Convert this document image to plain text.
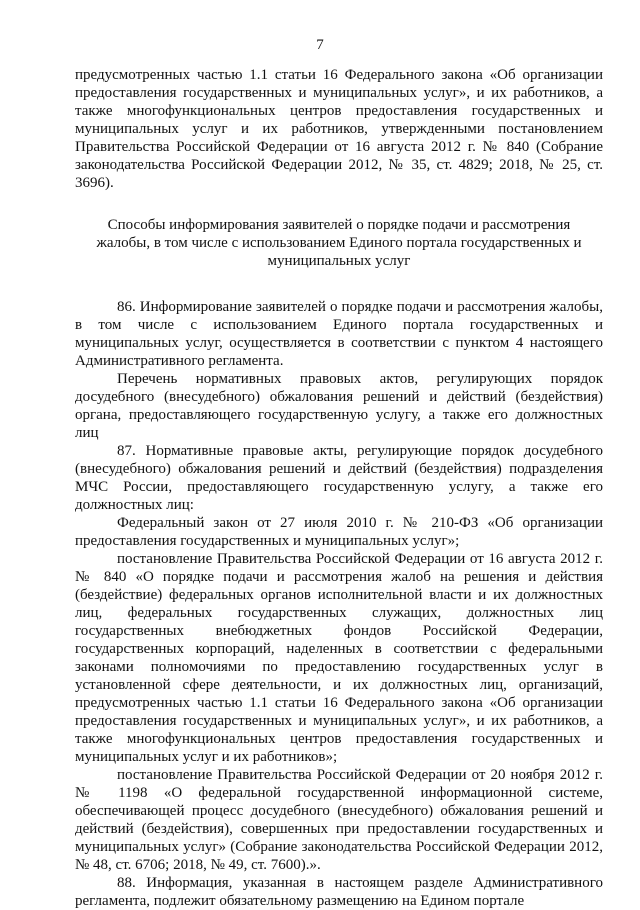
7

предусмотренных частью 1.1 статьи 16 Федерального закона «Об организации предоставления государственных и муниципальных услуг», и их работников, а также многофункциональных центров предоставления государственных и муниципальных услуг и их работников, утвержденными постановлением Правительства Российской Федерации от 16 августа 2012 г. № 840 (Собрание законодательства Российской Федерации 2012, № 35, ст. 4829; 2018, № 25, ст. 3696).

Способы информирования заявителей о порядке подачи и рассмотрения жалобы, в том числе с использованием Единого портала государственных и муниципальных услуг

86. Информирование заявителей о порядке подачи и рассмотрения жалобы, в том числе с использованием Единого портала государственных и муниципальных услуг, осуществляется в соответствии с пунктом 4 настоящего Административного регламента.

Перечень нормативных правовых актов, регулирующих порядок досудебного (внесудебного) обжалования решений и действий (бездействия) органа, предоставляющего государственную услугу, а также его должностных лиц

87. Нормативные правовые акты, регулирующие порядок досудебного (внесудебного) обжалования решений и действий (бездействия) подразделения МЧС России, предоставляющего государственную услугу, а также его должностных лиц:

Федеральный закон от 27 июля 2010 г. № 210-ФЗ «Об организации предоставления государственных и муниципальных услуг»;

постановление Правительства Российской Федерации от 16 августа 2012 г. № 840 «О порядке подачи и рассмотрения жалоб на решения и действия (бездействие) федеральных органов исполнительной власти и их должностных лиц, федеральных государственных служащих, должностных лиц государственных внебюджетных фондов Российской Федерации, государственных корпораций, наделенных в соответствии с федеральными законами полномочиями по предоставлению государственных услуг в установленной сфере деятельности, и их должностных лиц, организаций, предусмотренных частью 1.1 статьи 16 Федерального закона «Об организации предоставления государственных и муниципальных услуг», и их работников, а также многофункциональных центров предоставления государственных и муниципальных услуг и их работников»;

постановление Правительства Российской Федерации от 20 ноября 2012 г. № 1198 «О федеральной государственной информационной системе, обеспечивающей процесс досудебного (внесудебного) обжалования решений и действий (бездействия), совершенных при предоставлении государственных и муниципальных услуг» (Собрание законодательства Российской Федерации 2012, № 48, ст. 6706; 2018, № 49, ст. 7600).».

88. Информация, указанная в настоящем разделе Административного регламента, подлежит обязательному размещению на Едином портале
